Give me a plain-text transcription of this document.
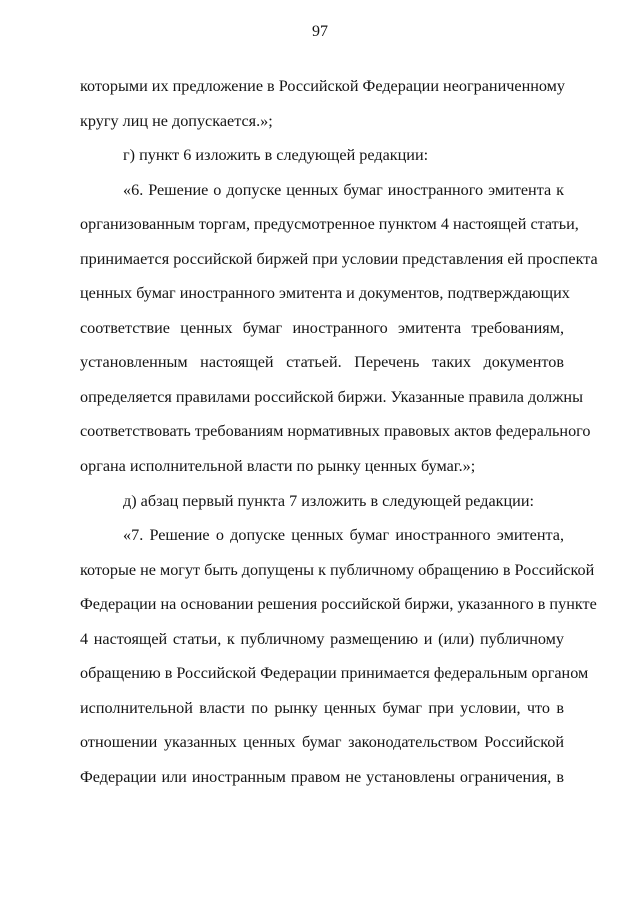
97
которыми их предложение в Российской Федерации неограниченному
кругу лиц не допускается.»;
г) пункт 6 изложить в следующей редакции:
«6. Решение о допуске ценных бумаг иностранного эмитента к
организованным торгам, предусмотренное пунктом 4 настоящей статьи,
принимается российской биржей при условии представления ей проспекта
ценных бумаг иностранного эмитента и документов, подтверждающих
соответствие ценных бумаг иностранного эмитента требованиям,
установленным настоящей статьей. Перечень таких документов
определяется правилами российской биржи. Указанные правила должны
соответствовать требованиям нормативных правовых актов федерального
органа исполнительной власти по рынку ценных бумаг.»;
д) абзац первый пункта 7 изложить в следующей редакции:
«7. Решение о допуске ценных бумаг иностранного эмитента,
которые не могут быть допущены к публичному обращению в Российской
Федерации на основании решения российской биржи, указанного в пункте
4 настоящей статьи, к публичному размещению и (или) публичному
обращению в Российской Федерации принимается федеральным органом
исполнительной власти по рынку ценных бумаг при условии, что в
отношении указанных ценных бумаг законодательством Российской
Федерации или иностранным правом не установлены ограничения, в
